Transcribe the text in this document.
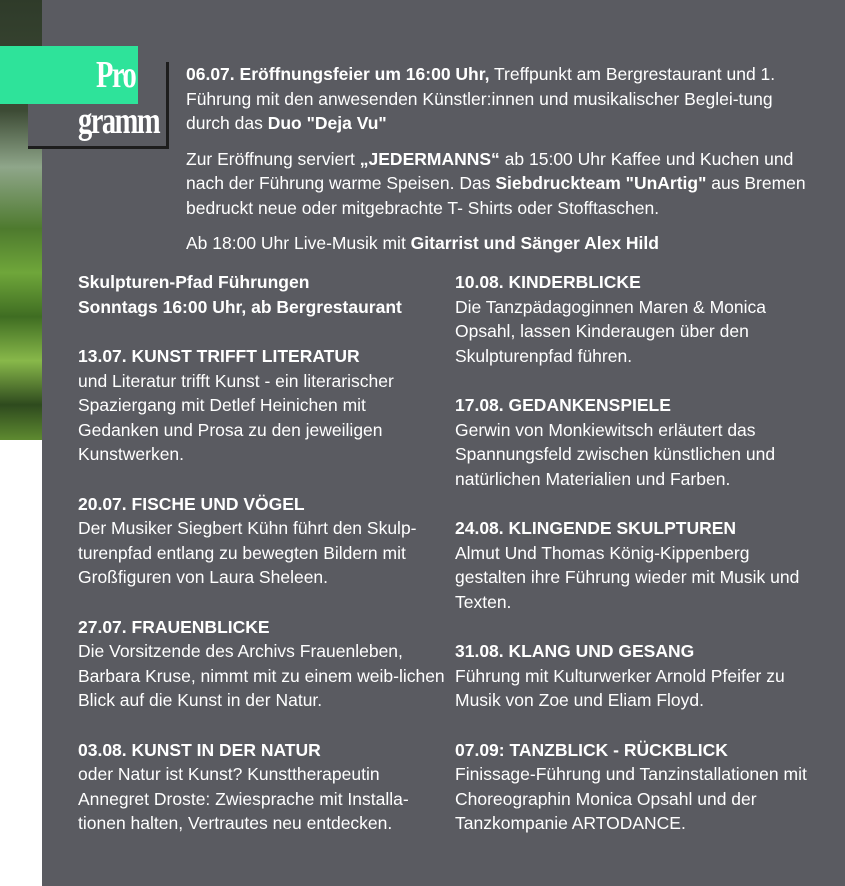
Pro
gramm

06.07. Eröffnungsfeier um 16:00 Uhr, Treffpunkt am Bergrestaurant und 1. Führung mit den anwesenden Künstler:innen und musikalischer Beglei-tung durch das Duo "Deja Vu"

Zur Eröffnung serviert „JEDERMANNS“ ab 15:00 Uhr Kaffee und Kuchen und nach der Führung warme Speisen. Das Siebdruckteam "UnArtig" aus Bremen bedruckt neue oder mitgebrachte T- Shirts oder Stofftaschen.

Ab 18:00 Uhr Live-Musik mit Gitarrist und Sänger Alex Hild

Skulpturen-Pfad Führungen
Sonntags 16:00 Uhr, ab Bergrestaurant
13.07. KUNST TRIFFT LITERATUR
und Literatur trifft Kunst - ein literarischer Spaziergang mit Detlef Heinichen mit Gedanken und Prosa zu den jeweiligen Kunstwerken.
20.07. FISCHE UND VÖGEL
Der Musiker Siegbert Kühn führt den Skulp-turenpfad entlang zu bewegten Bildern mit Großfiguren von Laura Sheleen.
27.07. FRAUENBLICKE
Die Vorsitzende des Archivs Frauenleben, Barbara Kruse, nimmt mit zu einem weib-lichen Blick auf die Kunst in der Natur.
03.08. KUNST IN DER NATUR
oder Natur ist Kunst? Kunsttherapeutin Annegret Droste: Zwiesprache mit Installa-tionen halten, Vertrautes neu entdecken.
10.08. KINDERBLICKE
Die Tanzpädagoginnen Maren & Monica Opsahl, lassen Kinderaugen über den Skulpturenpfad führen.
17.08. GEDANKENSPIELE
Gerwin von Monkiewitsch erläutert das Spannungsfeld zwischen künstlichen und natürlichen Materialien und Farben.
24.08. KLINGENDE SKULPTUREN
Almut Und Thomas König-Kippenberg gestalten ihre Führung wieder mit Musik und Texten.
31.08. KLANG UND GESANG
Führung mit Kulturwerker Arnold Pfeifer zu Musik von Zoe und Eliam Floyd.
07.09: TANZBLICK - RÜCKBLICK
Finissage-Führung und Tanzinstallationen mit Choreographin Monica Opsahl und der Tanzkompanie ARTODANCE.
